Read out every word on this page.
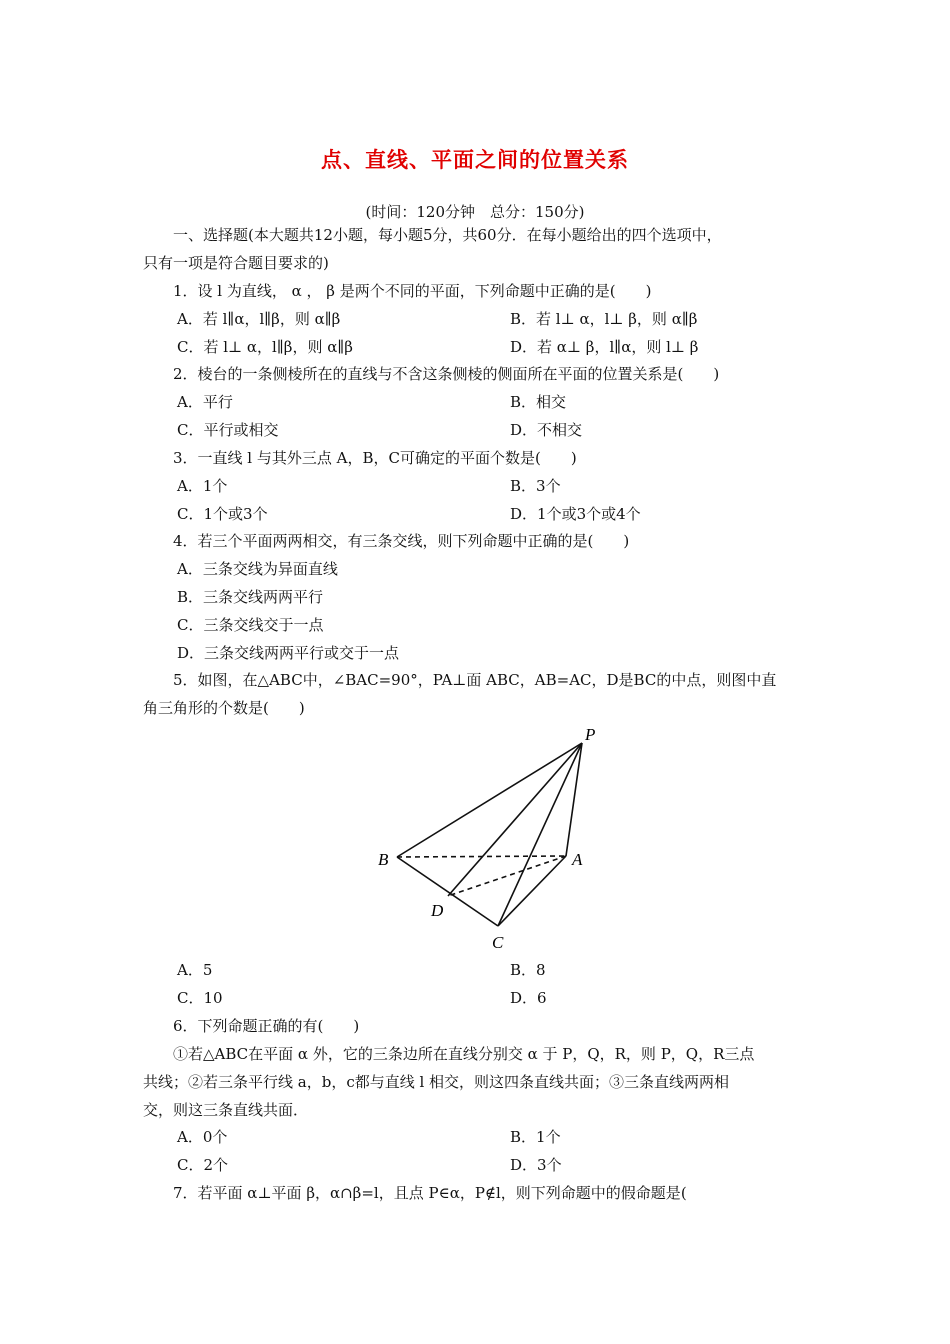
点、直线、平面之间的位置关系
(时间：120分钟　总分：150分)
一、选择题(本大题共12小题，每小题5分，共60分．在每小题给出的四个选项中，
只有一项是符合题目要求的)
1．设 l 为直线， α ， β 是两个不同的平面，下列命题中正确的是(　　)
A．若 l∥α，l∥β，则 α∥β	B．若 l⊥ α，l⊥ β，则 α∥β
C．若 l⊥ α，l∥β，则 α∥β	D．若 α⊥ β，l∥α，则 l⊥ β
2．棱台的一条侧棱所在的直线与不含这条侧棱的侧面所在平面的位置关系是(　　)
A．平行	B．相交
C．平行或相交	D．不相交
3．一直线 l 与其外三点 A，B，C可确定的平面个数是(　　)
A．1个	B．3个
C．1个或3个	D．1个或3个或4个
4．若三个平面两两相交，有三条交线，则下列命题中正确的是(　　)
A．三条交线为异面直线
B．三条交线两两平行
C．三条交线交于一点
D．三条交线两两平行或交于一点
5．如图，在△ABC中，∠BAC=90°，PA⊥面 ABC，AB=AC，D是BC的中点，则图中直
角三角形的个数是(　　)
P
A
B
D
C
A．5	B．8
C．10	D．6
6．下列命题正确的有(　　)
①若△ABC在平面 α 外，它的三条边所在直线分别交 α 于 P，Q，R，则 P，Q，R三点
共线；②若三条平行线 a，b，c都与直线 l 相交，则这四条直线共面；③三条直线两两相
交，则这三条直线共面．
A．0个	B．1个
C．2个	D．3个
7．若平面 α⊥平面 β，α∩β=l，且点 P∈α，P∉l，则下列命题中的假命题是(
